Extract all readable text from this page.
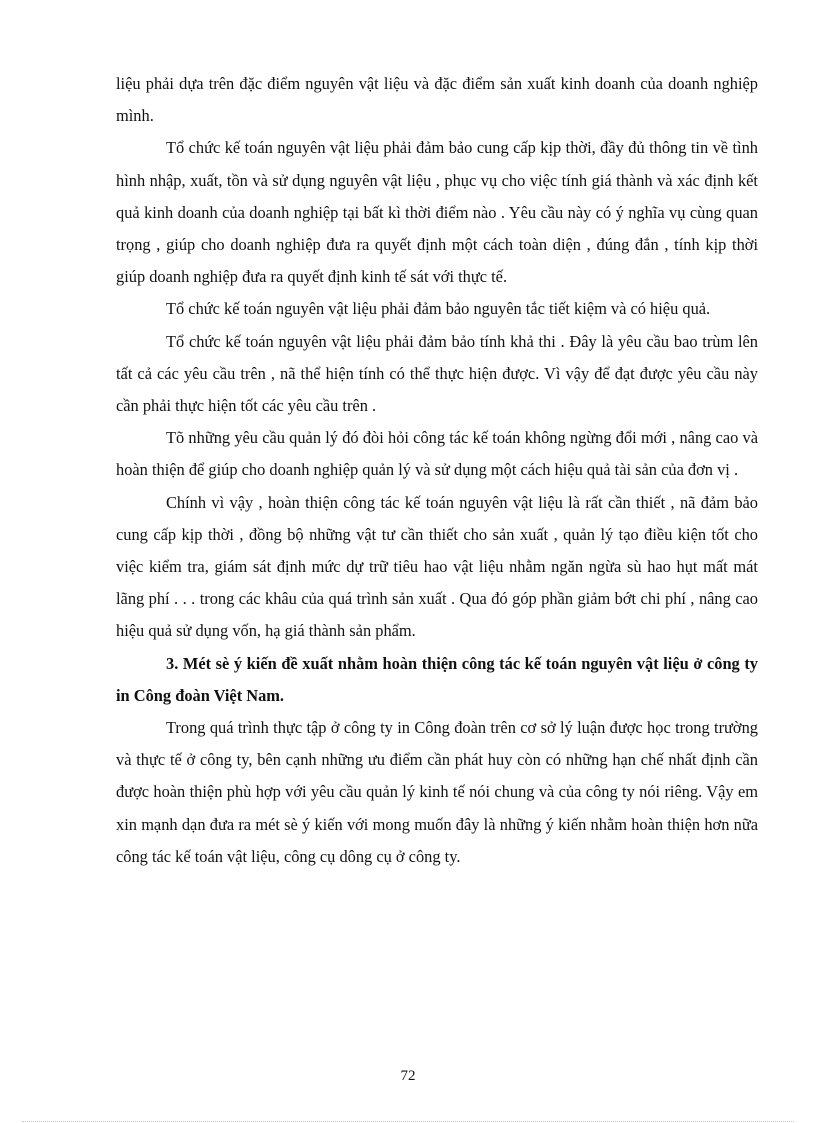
liệu phải dựa trên đặc điểm nguyên vật liệu và đặc điểm sản xuất kinh doanh của doanh nghiệp mình.

Tổ chức kế toán nguyên vật liệu phải đảm bảo cung cấp kịp thời, đầy đủ thông tin về tình hình nhập, xuất, tồn và sử dụng nguyên vật liệu , phục vụ cho việc tính giá thành và xác định kết quả kinh doanh của doanh nghiệp tại bất kì thời điểm nào . Yêu cầu này có ý nghĩa vụ cùng quan trọng , giúp cho doanh nghiệp đưa ra quyết định một cách toàn diện , đúng đắn , tính kịp thời giúp doanh nghiệp đưa ra quyết định kinh tế sát với thực tế.

Tổ chức kế toán nguyên vật liệu phải đảm bảo nguyên tắc tiết kiệm và có hiệu quả.

Tổ chức kế toán nguyên vật liệu phải đảm bảo tính khả thi . Đây là yêu cầu bao trùm lên tất cả các yêu cầu trên , nã thể hiện tính có thể thực hiện được. Vì vậy để đạt được yêu cầu này cần phải thực hiện tốt các yêu cầu trên .

Tõ những yêu cầu quản lý đó đòi hỏi công tác kế toán không ngừng đổi mới , nâng cao và hoàn thiện để giúp cho doanh nghiệp quản lý và sử dụng một cách hiệu quả tài sản của đơn vị .

Chính vì vậy , hoàn thiện công tác kế toán nguyên vật liệu là rất cần thiết , nã đảm bảo cung cấp kịp thời , đồng bộ những vật tư cần thiết cho sản xuất , quản lý tạo điều kiện tốt cho việc kiểm tra, giám sát định mức dự trữ tiêu hao vật liệu nhằm ngăn ngừa sù hao hụt mất mát lãng phí . . . trong các khâu của quá trình sản xuất . Qua đó góp phần giảm bớt chi phí , nâng cao hiệu quả sử dụng vốn, hạ giá thành sản phẩm.

3. Mét sè ý kiến đề xuất nhằm hoàn thiện công tác kế toán nguyên vật liệu ở công ty in Công đoàn Việt Nam.

Trong quá trình thực tập ở công ty in Công đoàn trên cơ sở lý luận được học trong trường và thực tế ở công ty, bên cạnh những ưu điểm cần phát huy còn có những hạn chế nhất định cần được hoàn thiện phù hợp với yêu cầu quản lý kinh tế nói chung và của công ty nói riêng. Vậy em xin mạnh dạn đưa ra mét sè ý kiến với mong muốn đây là những ý kiến nhằm hoàn thiện hơn nữa công tác kế toán vật liệu, công cụ dông cụ ở công ty.

72
